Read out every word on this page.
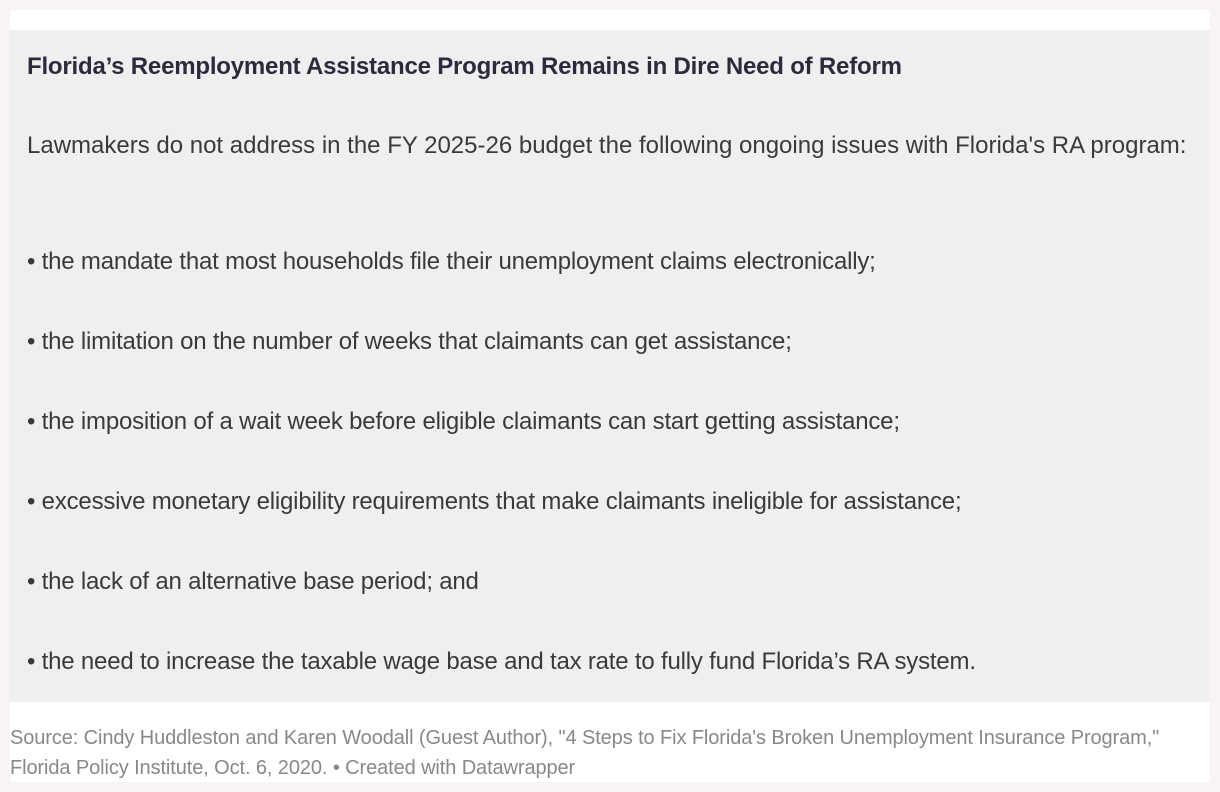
Florida’s Reemployment Assistance Program Remains in Dire Need of Reform
Lawmakers do not address in the FY 2025-26 budget the following ongoing issues with Florida's RA program:
• the mandate that most households file their unemployment claims electronically;
• the limitation on the number of weeks that claimants can get assistance;
• the imposition of a wait week before eligible claimants can start getting assistance;
• excessive monetary eligibility requirements that make claimants ineligible for assistance;
• the lack of an alternative base period; and
• the need to increase the taxable wage base and tax rate to fully fund Florida’s RA system.
Source: Cindy Huddleston and Karen Woodall (Guest Author), "4 Steps to Fix Florida's Broken Unemployment Insurance Program," Florida Policy Institute, Oct. 6, 2020. • Created with Datawrapper
